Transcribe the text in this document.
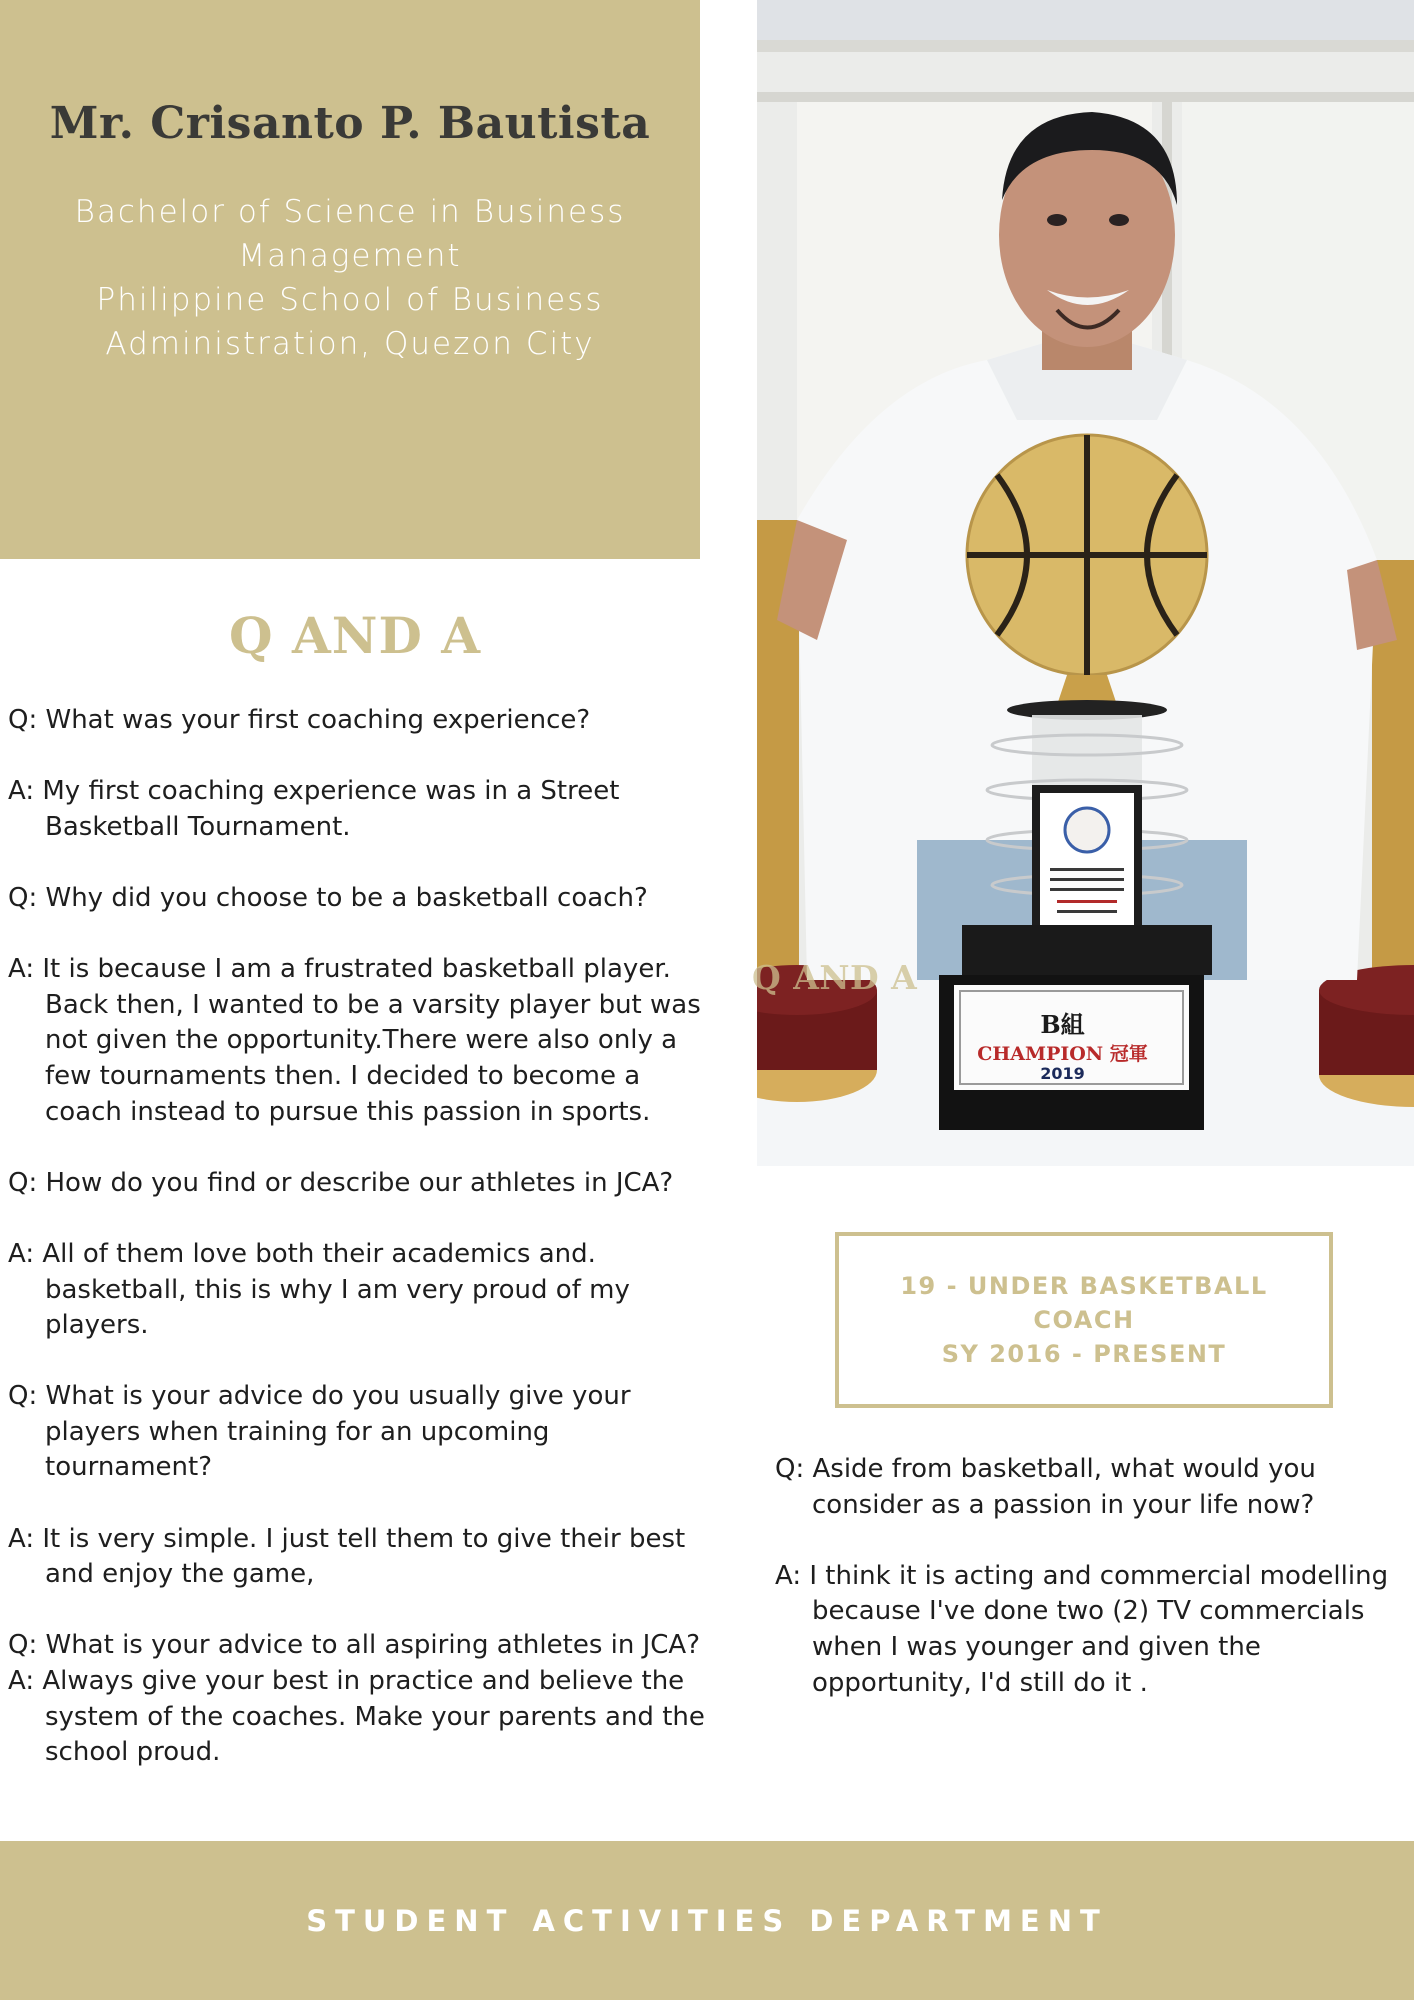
Mr. Crisanto P. Bautista
Bachelor of Science in Business
Management
Philippine School of Business
Administration, Quezon City
Q AND A
Q: What was your first coaching experience?
A: My first coaching experience was in a Street Basketball Tournament.
Q: Why did you choose to be a basketball coach?
A: It is because I am a frustrated basketball player. Back then, I wanted to be a varsity player but was not given the opportunity.There were also only a few tournaments then. I decided to become a coach instead to pursue this passion in sports.
Q: How do you find or describe our athletes in JCA?
A: All of them love both their academics and. basketball, this is why I am very proud of my players.
Q: What is your advice do you usually give your players when training for an upcoming tournament?
A: It is very simple. I just tell them to give their best and enjoy the game,
Q: What is your advice to all aspiring athletes in JCA?
A: Always give your best in practice and believe the system of the coaches. Make your parents and the school proud.
B組
CHAMPION 冠軍
2019
Q AND A
19 - UNDER BASKETBALL
COACH
SY 2016 - PRESENT
Q: Aside from basketball, what would you consider as a passion in your life now?
A: I think it is acting and commercial modelling because I've done two (2) TV commercials when I was younger and given the opportunity, I'd still do it .
STUDENT ACTIVITIES DEPARTMENT
